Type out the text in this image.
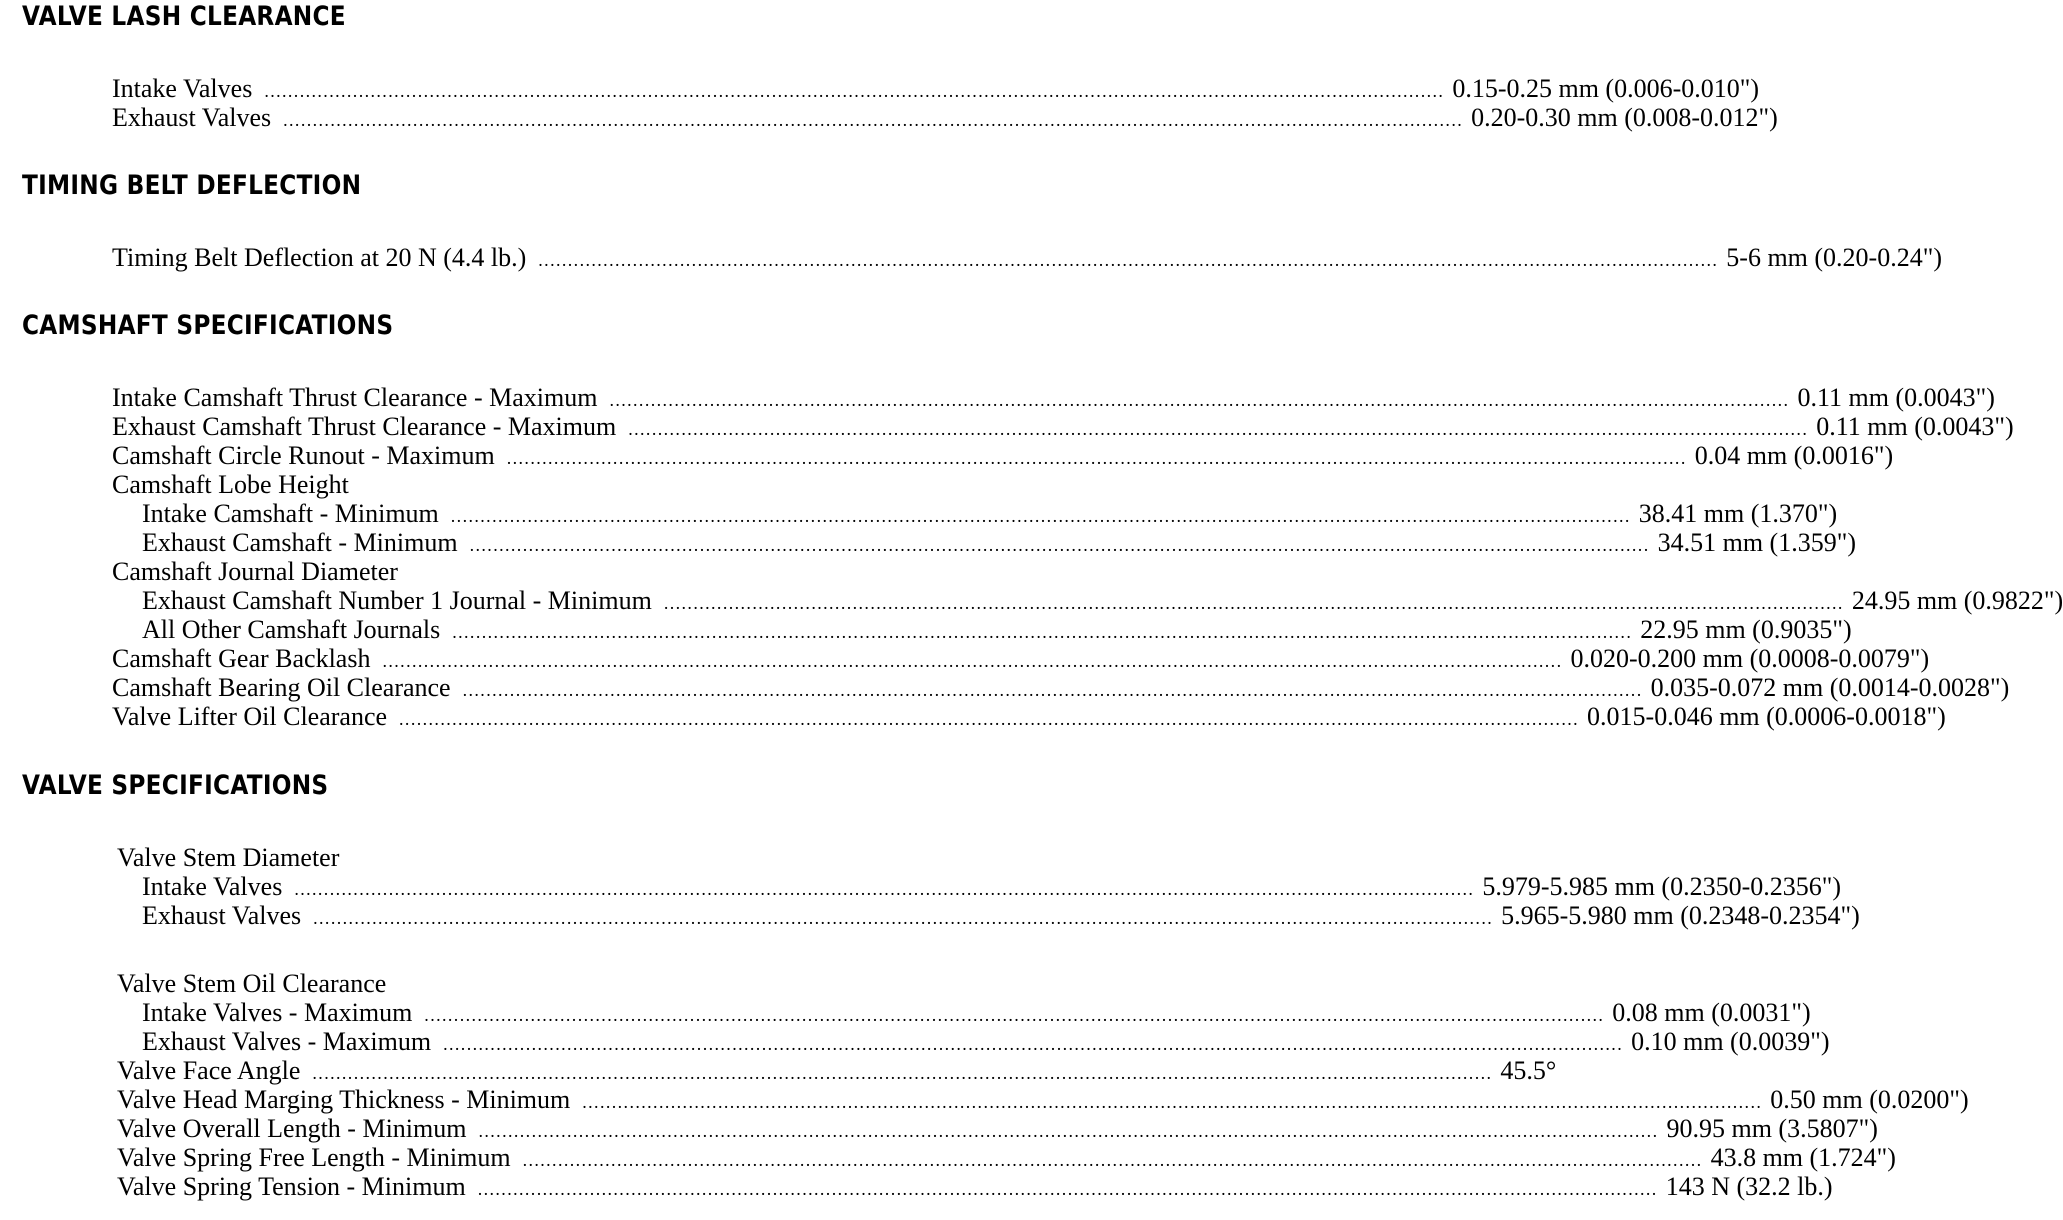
VALVE LASH CLEARANCE
Intake Valves ........................................................................................................................................................................................................ 0.15-0.25 mm (0.006-0.010")
Exhaust Valves ........................................................................................................................................................................................................ 0.20-0.30 mm (0.008-0.012")
TIMING BELT DEFLECTION
Timing Belt Deflection at 20 N (4.4 lb.) ........................................................................................................................................................................................................ 5-6 mm (0.20-0.24")
CAMSHAFT SPECIFICATIONS
Intake Camshaft Thrust Clearance - Maximum ........................................................................................................................................................................................................ 0.11 mm (0.0043")
Exhaust Camshaft Thrust Clearance - Maximum ........................................................................................................................................................................................................ 0.11 mm (0.0043")
Camshaft Circle Runout - Maximum ........................................................................................................................................................................................................ 0.04 mm (0.0016")
Camshaft Lobe Height
Intake Camshaft - Minimum ........................................................................................................................................................................................................ 38.41 mm (1.370")
Exhaust Camshaft - Minimum ........................................................................................................................................................................................................ 34.51 mm (1.359")
Camshaft Journal Diameter
Exhaust Camshaft Number 1 Journal - Minimum ........................................................................................................................................................................................................ 24.95 mm (0.9822")
All Other Camshaft Journals ........................................................................................................................................................................................................ 22.95 mm (0.9035")
Camshaft Gear Backlash ........................................................................................................................................................................................................ 0.020-0.200 mm (0.0008-0.0079")
Camshaft Bearing Oil Clearance ........................................................................................................................................................................................................ 0.035-0.072 mm (0.0014-0.0028")
Valve Lifter Oil Clearance ........................................................................................................................................................................................................ 0.015-0.046 mm (0.0006-0.0018")
VALVE SPECIFICATIONS
Valve Stem Diameter
Intake Valves ........................................................................................................................................................................................................ 5.979-5.985 mm (0.2350-0.2356")
Exhaust Valves ........................................................................................................................................................................................................ 5.965-5.980 mm (0.2348-0.2354")
Valve Stem Oil Clearance
Intake Valves - Maximum ........................................................................................................................................................................................................ 0.08 mm (0.0031")
Exhaust Valves - Maximum ........................................................................................................................................................................................................ 0.10 mm (0.0039")
Valve Face Angle ........................................................................................................................................................................................................ 45.5°
Valve Head Marging Thickness - Minimum ........................................................................................................................................................................................................ 0.50 mm (0.0200")
Valve Overall Length - Minimum ........................................................................................................................................................................................................ 90.95 mm (3.5807")
Valve Spring Free Length - Minimum ........................................................................................................................................................................................................ 43.8 mm (1.724")
Valve Spring Tension - Minimum ........................................................................................................................................................................................................ 143 N (32.2 lb.)
